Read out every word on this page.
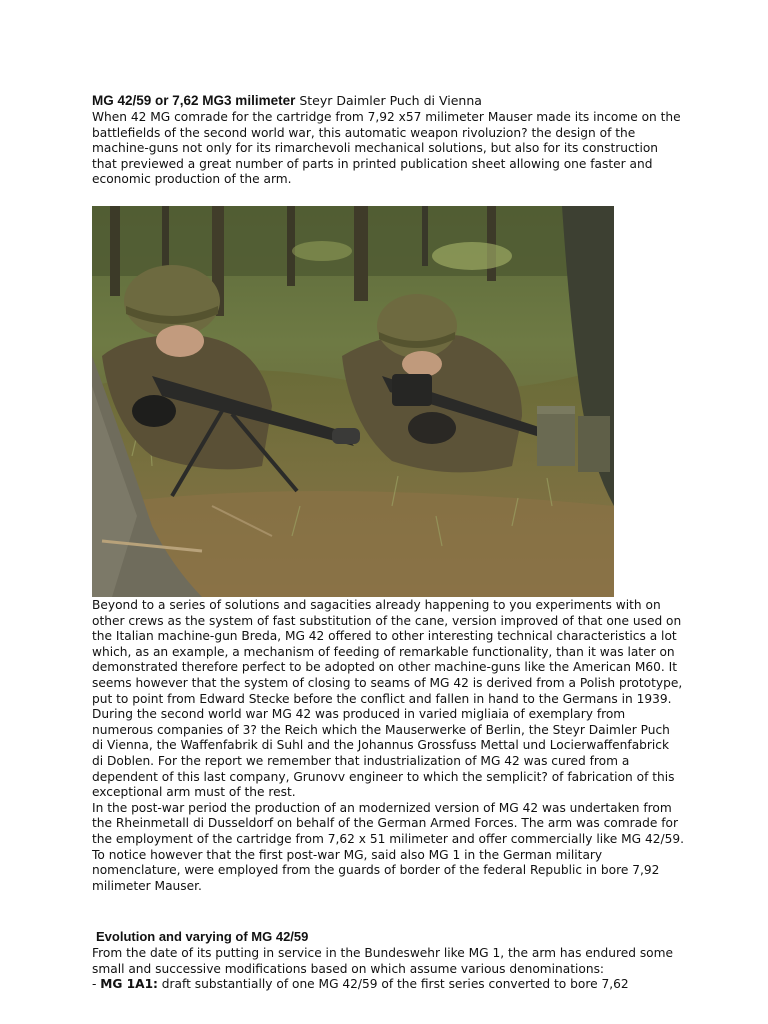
MG 42/59 or 7,62 MG3 milimeter Steyr Daimler Puch di Vienna
When 42 MG comrade for the cartridge from 7,92 x57 milimeter Mauser made its income on the battlefields of the second world war, this automatic weapon rivoluzion? the design of the machine-guns not only for its rimarchevoli mechanical solutions, but also for its construction that previewed a great number of parts in printed publication sheet allowing one faster and economic production of the arm.

Beyond to a series of solutions and sagacities already happening to you experiments with on other crews as the system of fast substitution of the cane, version improved of that one used on the Italian machine-gun Breda, MG 42 offered to other interesting technical characteristics a lot which, as an example, a mechanism of feeding of remarkable functionality, than it was later on demonstrated therefore perfect to be adopted on other machine-guns like the American M60. It seems however that the system of closing to seams of MG 42 is derived from a Polish prototype, put to point from Edward Stecke before the conflict and fallen in hand to the Germans in 1939.

During the second world war MG 42 was produced in varied migliaia of exemplary from numerous companies of 3? the Reich which the Mauserwerke of Berlin, the Steyr Daimler Puch di Vienna, the Waffenfabrik di Suhl and the Johannus Grossfuss Mettal und Locierwaffenfabrick di Doblen. For the report we remember that industrialization of MG 42 was cured from a dependent of this last company, Grunovv engineer to which the semplicit? of fabrication of this exceptional arm must of the rest.

In the post-war period the production of an modernized version of MG 42 was undertaken from the Rheinmetall di Dusseldorf on behalf of the German Armed Forces. The arm was comrade for the employment of the cartridge from 7,62 x 51 milimeter and offer commercially like MG 42/59. To notice however that the first post-war MG, said also MG 1 in the German military nomenclature, were employed from the guards of border of the federal Republic in bore 7,92 milimeter Mauser.

Evolution and varying of MG 42/59

From the date of its putting in service in the Bundeswehr like MG 1, the arm has endured some small and successive modifications based on which assume various denominations:

- MG 1A1: draft substantially of one MG 42/59 of the first series converted to bore 7,62
